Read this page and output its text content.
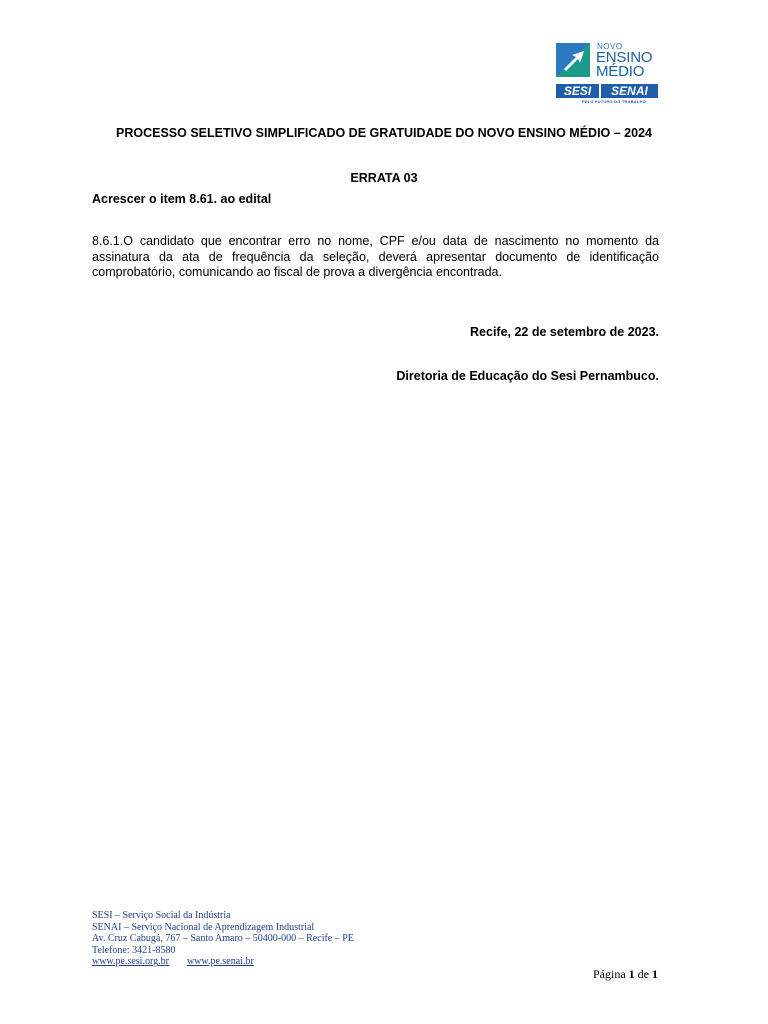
NOVO
ENSINO
MÉDIO
SESI	SENAI
PELO FUTURO DO TRABALHO
PROCESSO SELETIVO SIMPLIFICADO DE GRATUIDADE DO NOVO ENSINO MÉDIO – 2024
ERRATA 03
Acrescer o item 8.61. ao edital
8.6.1.O candidato que encontrar erro no nome, CPF e/ou data de nascimento no momento da assinatura da ata de frequência da seleção, deverá apresentar documento de identificação comprobatório, comunicando ao fiscal de prova a divergência encontrada.
Recife, 22 de setembro de 2023.
Diretoria de Educação do Sesi Pernambuco.
SESI – Serviço Social da Indústria
SENAI – Serviço Nacional de Aprendizagem Industrial
Av. Cruz Cabugá, 767 – Santo Amaro – 50400-000 – Recife – PE
Telefone: 3421-8580
www.pe.sesi.org.br www.pe.senai.br
Página 1 de 1
